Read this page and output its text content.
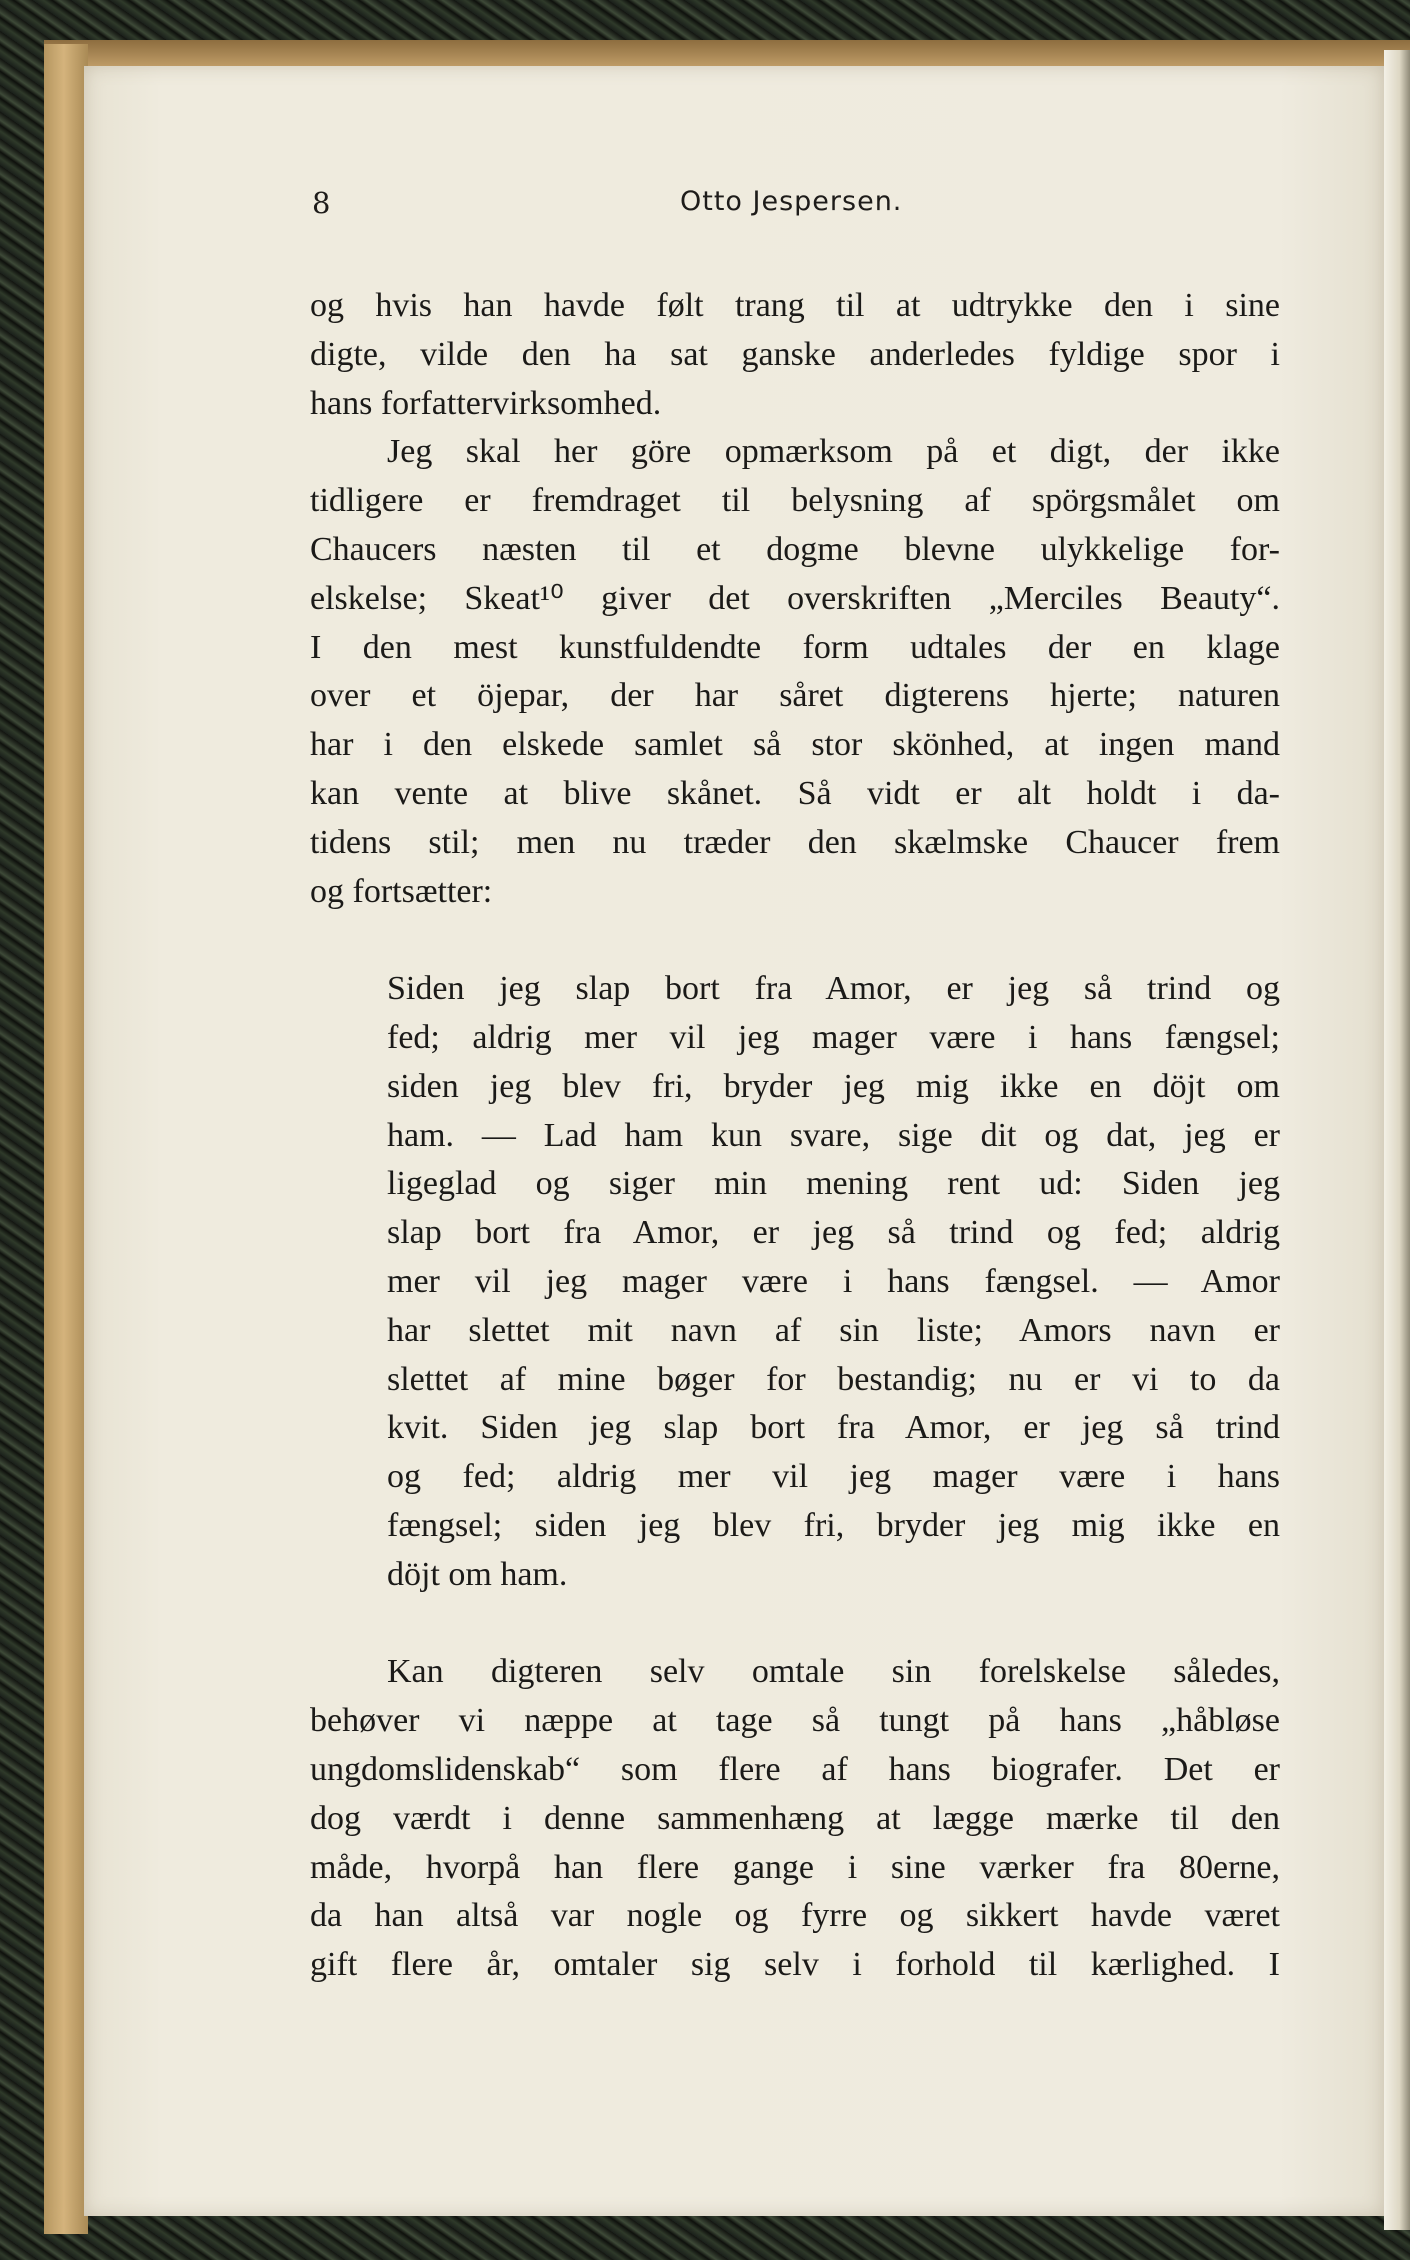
8	Otto Jespersen.
og hvis han havde følt trang til at udtrykke den i sine
digte, vilde den ha sat ganske anderledes fyldige spor i
hans forfattervirksomhed.
Jeg skal her göre opmærksom på et digt, der ikke
tidligere er fremdraget til belysning af spörgsmålet om
Chaucers næsten til et dogme blevne ulykkelige for-
elskelse; Skeat¹⁰ giver det overskriften „Merciles Beauty“.
I den mest kunstfuldendte form udtales der en klage
over et öjepar, der har såret digterens hjerte; naturen
har i den elskede samlet så stor skönhed, at ingen mand
kan vente at blive skånet. Så vidt er alt holdt i da-
tidens stil; men nu træder den skælmske Chaucer frem
og fortsætter:
Siden jeg slap bort fra Amor, er jeg så trind og
fed; aldrig mer vil jeg mager være i hans fængsel;
siden jeg blev fri, bryder jeg mig ikke en döjt om
ham. — Lad ham kun svare, sige dit og dat, jeg er
ligeglad og siger min mening rent ud: Siden jeg
slap bort fra Amor, er jeg så trind og fed; aldrig
mer vil jeg mager være i hans fængsel. — Amor
har slettet mit navn af sin liste; Amors navn er
slettet af mine bøger for bestandig; nu er vi to da
kvit. Siden jeg slap bort fra Amor, er jeg så trind
og fed; aldrig mer vil jeg mager være i hans
fængsel; siden jeg blev fri, bryder jeg mig ikke en
döjt om ham.
Kan digteren selv omtale sin forelskelse således,
behøver vi næppe at tage så tungt på hans „håbløse
ungdomslidenskab“ som flere af hans biografer. Det er
dog værdt i denne sammenhæng at lægge mærke til den
måde, hvorpå han flere gange i sine værker fra 80erne,
da han altså var nogle og fyrre og sikkert havde været
gift flere år, omtaler sig selv i forhold til kærlighed. I
